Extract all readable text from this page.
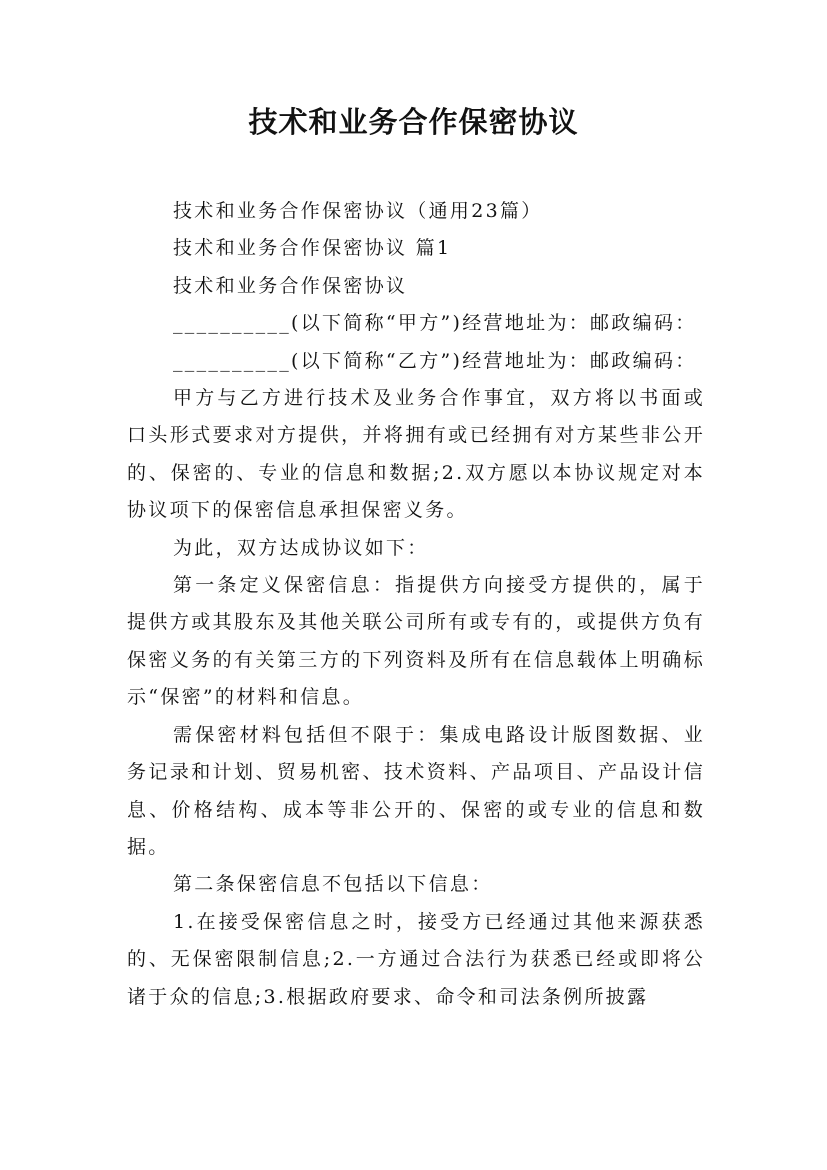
技术和业务合作保密协议

技术和业务合作保密协议（通用23篇）

技术和业务合作保密协议 篇1

技术和业务合作保密协议

__________(以下简称“甲方”)经营地址为：邮政编码：

__________(以下简称“乙方”)经营地址为：邮政编码：

甲方与乙方进行技术及业务合作事宜，双方将以书面或口头形式要求对方提供，并将拥有或已经拥有对方某些非公开的、保密的、专业的信息和数据;2.双方愿以本协议规定对本协议项下的保密信息承担保密义务。

为此，双方达成协议如下：

第一条定义保密信息：指提供方向接受方提供的，属于提供方或其股东及其他关联公司所有或专有的，或提供方负有保密义务的有关第三方的下列资料及所有在信息载体上明确标示“保密”的材料和信息。

需保密材料包括但不限于：集成电路设计版图数据、业务记录和计划、贸易机密、技术资料、产品项目、产品设计信息、价格结构、成本等非公开的、保密的或专业的信息和数据。

第二条保密信息不包括以下信息：

1.在接受保密信息之时，接受方已经通过其他来源获悉的、无保密限制信息;2.一方通过合法行为获悉已经或即将公诸于众的信息;3.根据政府要求、命令和司法条例所披露
